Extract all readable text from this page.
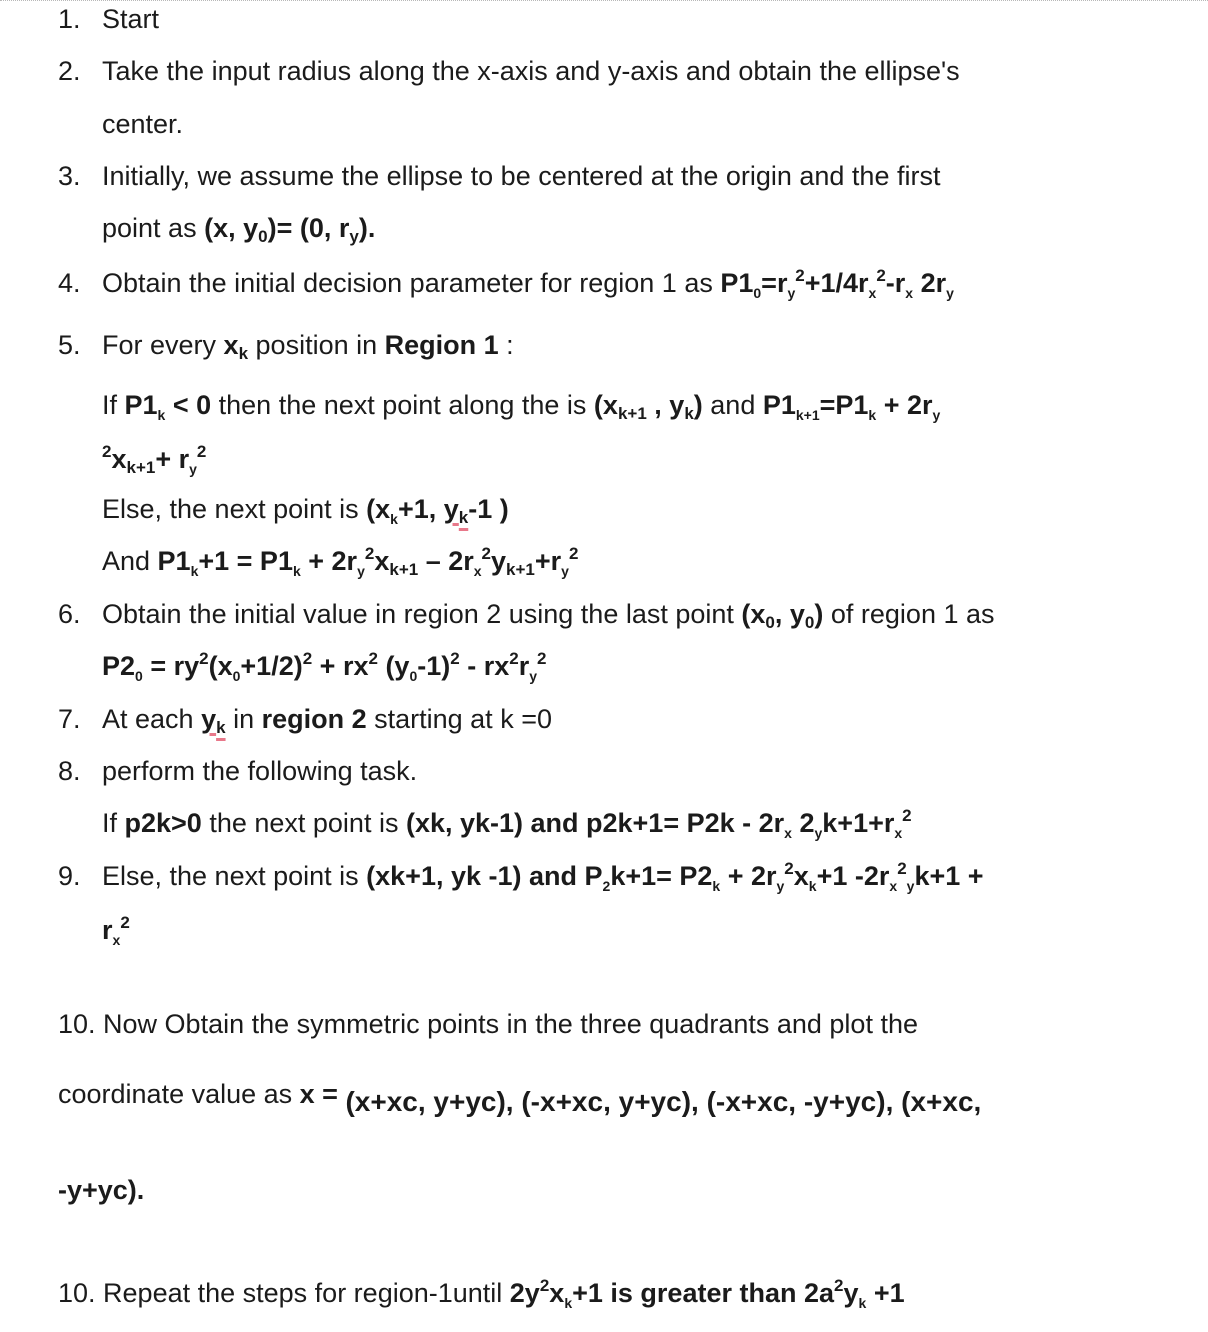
1. Start
2. Take the input radius along the x-axis and y-axis and obtain the ellipse's
center.
3. Initially, we assume the ellipse to be centered at the origin and the first
point as (x, y0)= (0, ry).
4. Obtain the initial decision parameter for region 1 as $P1_0=r_y^2+1/4r_x^2-r_x$ $2r_y$
5. For every xk position in Region 1 :
If $P1_k < 0$ then the next point along the is (xk+1 , yk) and $P1_{k+1}=P1_k + 2r_y$
$^2xk+1+ r_y^2$
Else, the next point is ($x_k+1$, yk-1 )
And $P1_k+1 = P1_k + 2r_y^2xk+1 - 2r_x^2yk+1+r_y^2$
6. Obtain the initial value in region 2 using the last point (x0, y0) of region 1 as
$P2_0 = ry^2(x_0+1/2)^2 + rx^2$ $(y_0-1)^2 - rx^2r_y^2$
7. At each yk in region 2 starting at k =0
8. perform the following task.
If p2k>0 the next point is (xk, yk-1) and $p2k+1= P2k - 2r_x$ $2_yk+1+r_x^2$
9. Else, the next point is (xk+1, yk -1) and $P_2k+1= P2_k + 2r_y^2x_k+1$ $-2r_x^2_yk+1$ +
$r_x^2$
10. Now Obtain the symmetric points in the three quadrants and plot the
coordinate value as x = (x+xc, y+yc), (-x+xc, y+yc), (-x+xc, -y+yc), (x+xc,
-y+yc).
10. Repeat the steps for region-1until $2y^2x_k+1$ is greater than $2a^2y_k +1$
